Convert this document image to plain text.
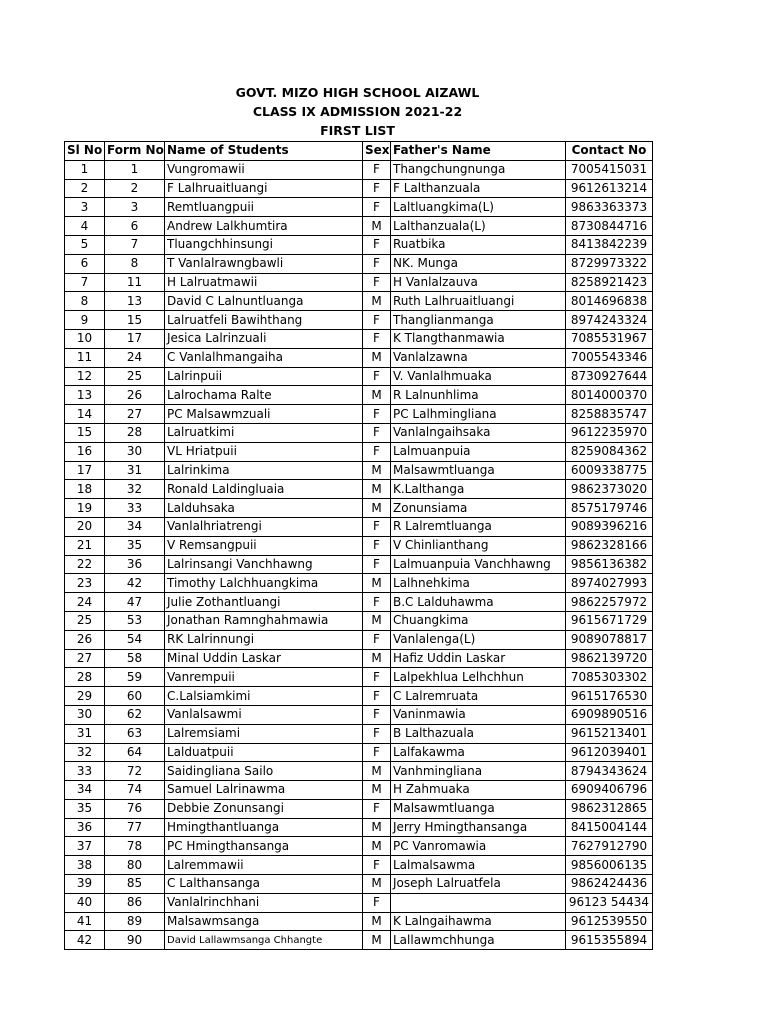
GOVT. MIZO HIGH SCHOOL AIZAWL
CLASS IX ADMISSION 2021-22
FIRST LIST
Sl No	Form No	Name of Students	Sex	Father's Name	Contact No
1	1	Vungromawii	F	Thangchungnunga	7005415031
2	2	F Lalhruaitluangi	F	F Lalthanzuala	9612613214
3	3	Remtluangpuii	F	Laltluangkima(L)	9863363373
4	6	Andrew Lalkhumtira	M	Lalthanzuala(L)	8730844716
5	7	Tluangchhinsungi	F	Ruatbika	8413842239
6	8	T Vanlalrawngbawli	F	NK. Munga	8729973322
7	11	H Lalruatmawii	F	H Vanlalzauva	8258921423
8	13	David C Lalnuntluanga	M	Ruth Lalhruaitluangi	8014696838
9	15	Lalruatfeli Bawihthang	F	Thanglianmanga	8974243324
10	17	Jesica Lalrinzuali	F	K Tlangthanmawia	7085531967
11	24	C Vanlalhmangaiha	M	Vanlalzawna	7005543346
12	25	Lalrinpuii	F	V. Vanlalhmuaka	8730927644
13	26	Lalrochama Ralte	M	R Lalnunhlima	8014000370
14	27	PC Malsawmzuali	F	PC Lalhmingliana	8258835747
15	28	Lalruatkimi	F	Vanlalngaihsaka	9612235970
16	30	VL Hriatpuii	F	Lalmuanpuia	8259084362
17	31	Lalrinkima	M	Malsawmtluanga	6009338775
18	32	Ronald Laldingluaia	M	K.Lalthanga	9862373020
19	33	Lalduhsaka	M	Zonunsiama	8575179746
20	34	Vanlalhriatrengi	F	R Lalremtluanga	9089396216
21	35	V Remsangpuii	F	V Chinlianthang	9862328166
22	36	Lalrinsangi Vanchhawng	F	Lalmuanpuia Vanchhawng	9856136382
23	42	Timothy Lalchhuangkima	M	Lalhnehkima	8974027993
24	47	Julie Zothantluangi	F	B.C Lalduhawma	9862257972
25	53	Jonathan Ramnghahmawia	M	Chuangkima	9615671729
26	54	RK Lalrinnungi	F	Vanlalenga(L)	9089078817
27	58	Minal Uddin Laskar	M	Hafiz Uddin Laskar	9862139720
28	59	Vanrempuii	F	Lalpekhlua Lelhchhun	7085303302
29	60	C.Lalsiamkimi	F	C Lalremruata	9615176530
30	62	Vanlalsawmi	F	Vaninmawia	6909890516
31	63	Lalremsiami	F	B Lalthazuala	9615213401
32	64	Lalduatpuii	F	Lalfakawma	9612039401
33	72	Saidingliana Sailo	M	Vanhmingliana	8794343624
34	74	Samuel Lalrinawma	M	H Zahmuaka	6909406796
35	76	Debbie Zonunsangi	F	Malsawmtluanga	9862312865
36	77	Hmingthantluanga	M	Jerry Hmingthansanga	8415004144
37	78	PC Hmingthansanga	M	PC Vanromawia	7627912790
38	80	Lalremmawii	F	Lalmalsawma	9856006135
39	85	C Lalthansanga	M	Joseph Lalruatfela	9862424436
40	86	Vanlalrinchhani	F		96123 54434
41	89	Malsawmsanga	M	K Lalngaihawma	9612539550
42	90	David Lallawmsanga Chhangte	M	Lallawmchhunga	9615355894
